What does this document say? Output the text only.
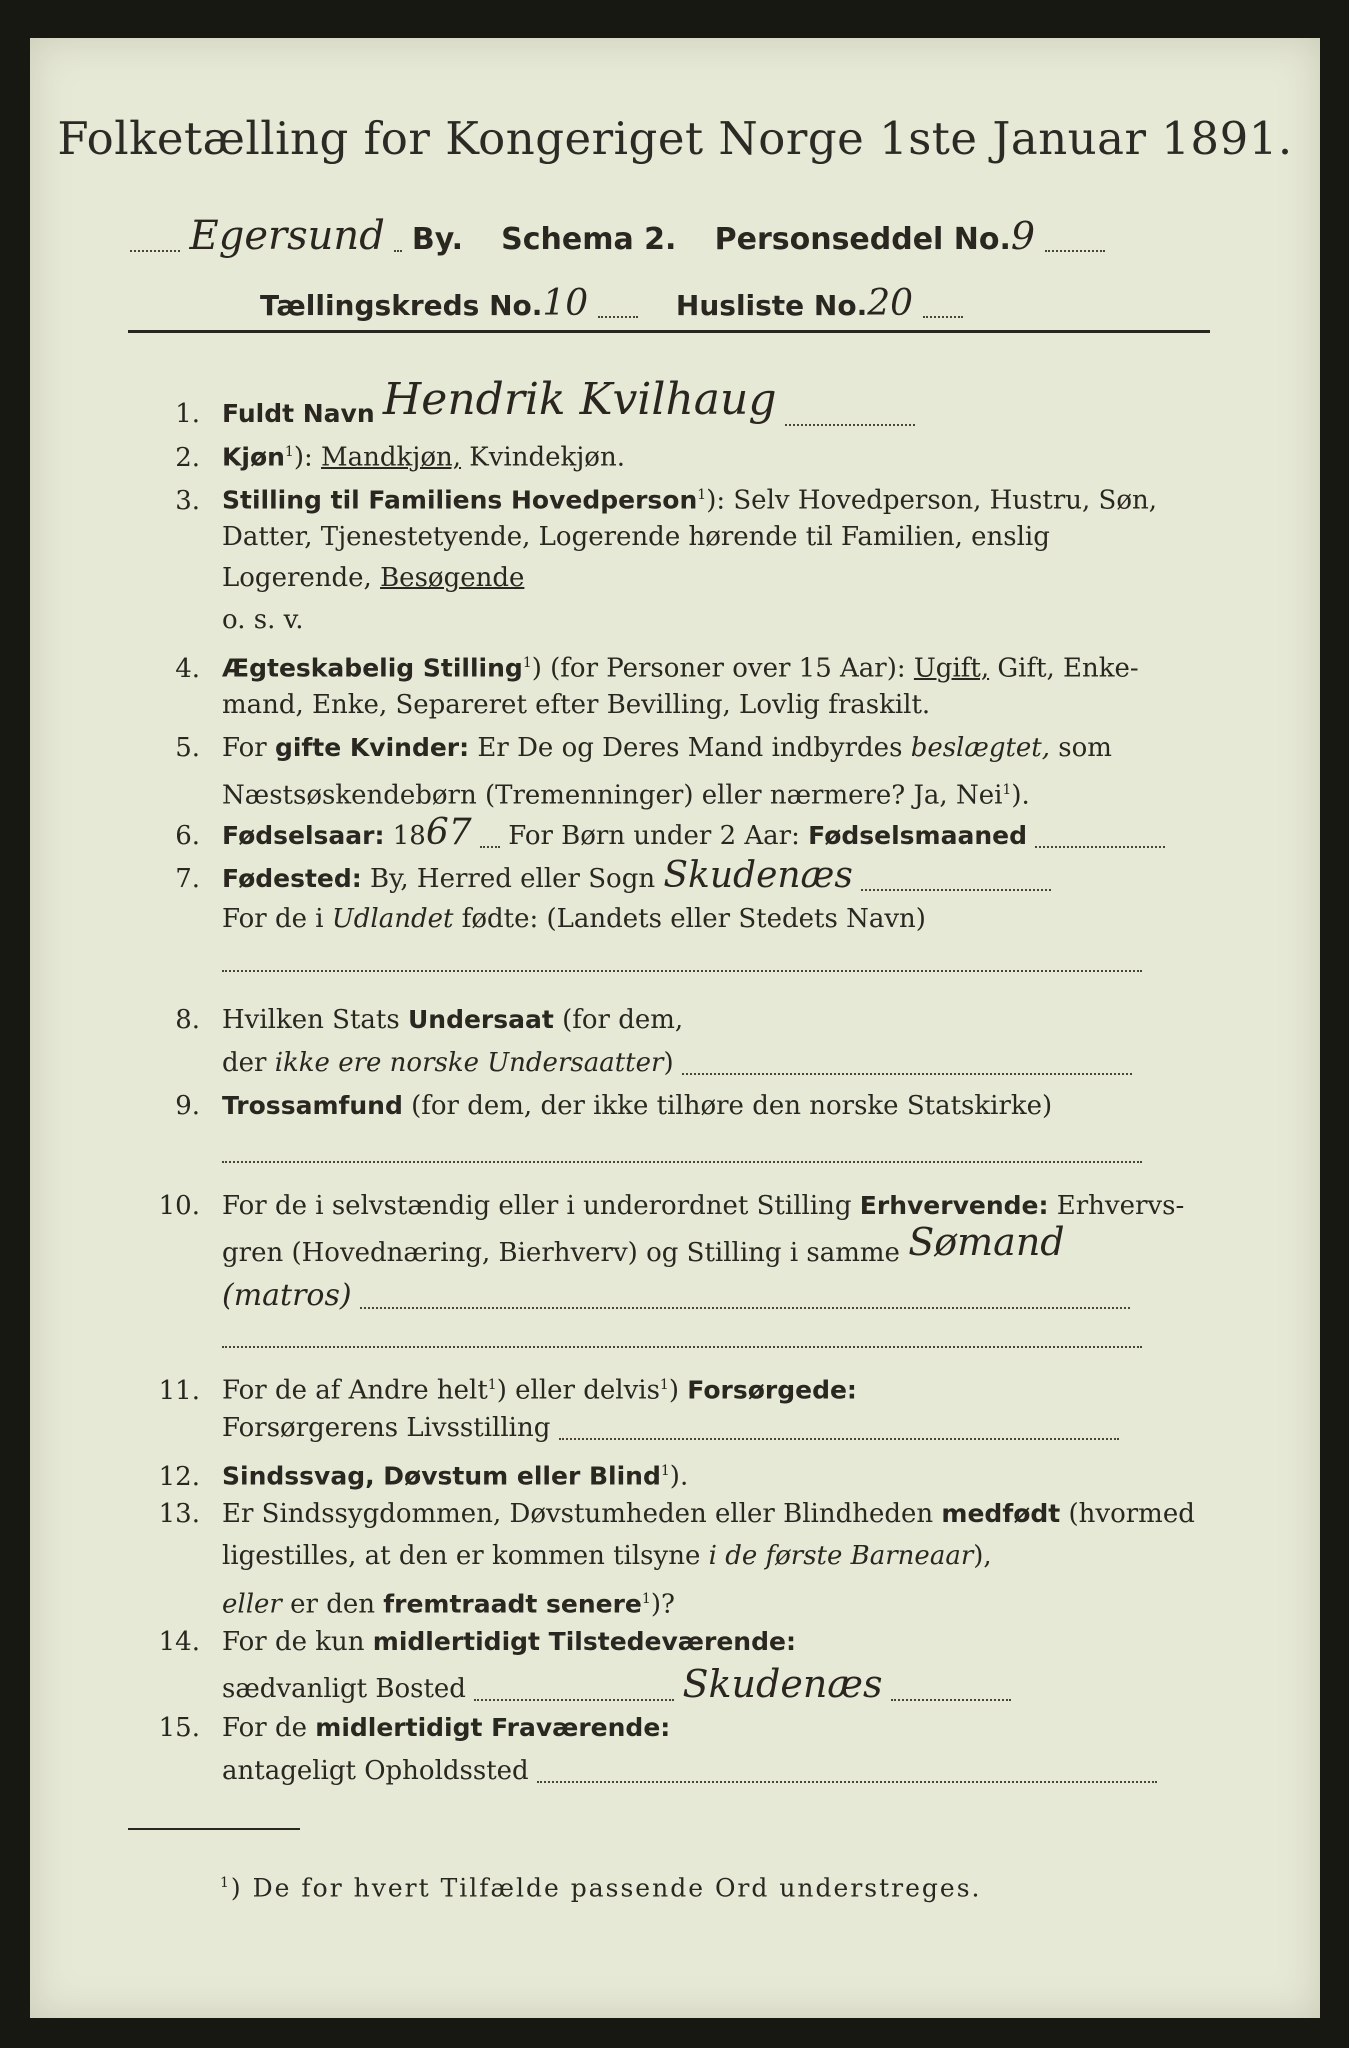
Folketælling for Kongeriget Norge 1ste Januar 1891.
Egersund By. Schema 2. Personseddel No.9
Tællingskreds No.10	Husliste No.20
1. Fuldt Navn Hendrik Kvilhaug
2. Kjøn$^1$): Mandkjøn, Kvindekjøn.
3. Stilling til Familiens Hovedperson$^1$): Selv Hovedperson, Hustru, Søn,
Datter, Tjenestetyende, Logerende hørende til Familien, enslig
Logerende, Besøgende
o. s. v.
4. Ægteskabelig Stilling$^1$) (for Personer over 15 Aar): Ugift, Gift, Enke-
mand, Enke, Separeret efter Bevilling, Lovlig fraskilt.
5. For gifte Kvinder: Er De og Deres Mand indbyrdes beslægtet, som
Næstsøskendebørn (Tremenninger) eller nærmere? Ja, Nei$^1$).
6. Fødselsaar: 1867 For Børn under 2 Aar: Fødselsmaaned
7. Fødested: By, Herred eller Sogn Skudenæs
For de i Udlandet fødte: (Landets eller Stedets Navn)
8. Hvilken Stats Undersaat (for dem,
der ikke ere norske Undersaatter)
9. Trossamfund (for dem, der ikke tilhøre den norske Statskirke)
10. For de i selvstændig eller i underordnet Stilling Erhvervende: Erhvervs-
gren (Hovednæring, Bierhverv) og Stilling i samme Sømand
(matros)
11. For de af Andre helt$^1$) eller delvis$^1$) Forsørgede:
Forsørgerens Livsstilling
12. Sindssvag, Døvstum eller Blind$^1$).
13. Er Sindssygdommen, Døvstumheden eller Blindheden medfødt (hvormed
ligestilles, at den er kommen tilsyne i de første Barneaar),
eller er den fremtraadt senere$^1$)?
14. For de kun midlertidigt Tilstedeværende:
sædvanligt Bosted	Skudenæs
15. For de midlertidigt Fraværende:
antageligt Opholdssted
$^1$) De for hvert Tilfælde passende Ord understreges.
